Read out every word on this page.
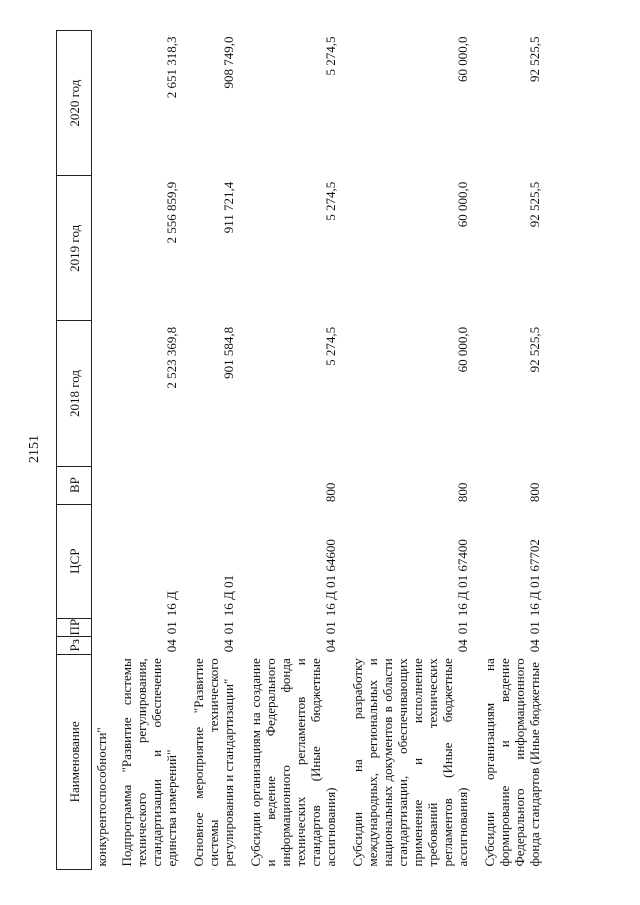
2151
Наименование	Рз	ПР	ЦСР	ВР	2018 год	2019 год	2020 год
конкурентоспособности"							
Подпрограмма "Развитие системы технического регулирования, стандартизации и обеспечение единства измерений"	04	01	16 Д		2 523 369,8	2 556 859,9	2 651 318,3
Основное мероприятие "Развитие системы технического регулирования и стандартизации"	04	01	16 Д 01		901 584,8	911 721,4	908 749,0
Субсидии организациям на создание и ведение Федерального информационного фонда технических регламентов и стандартов (Иные бюджетные ассигнования)	04	01	16 Д 01 64600	800	5 274,5	5 274,5	5 274,5
Субсидии на разработку международных, региональных и национальных документов в области стандартизации, обеспечивающих применение и исполнение требований технических регламентов (Иные бюджетные ассигнования)	04	01	16 Д 01 67400	800	60 000,0	60 000,0	60 000,0
Субсидии организациям на формирование и ведение Федерального информационного фонда стандартов (Иные бюджетные	04	01	16 Д 01 67702	800	92 525,5	92 525,5	92 525,5
